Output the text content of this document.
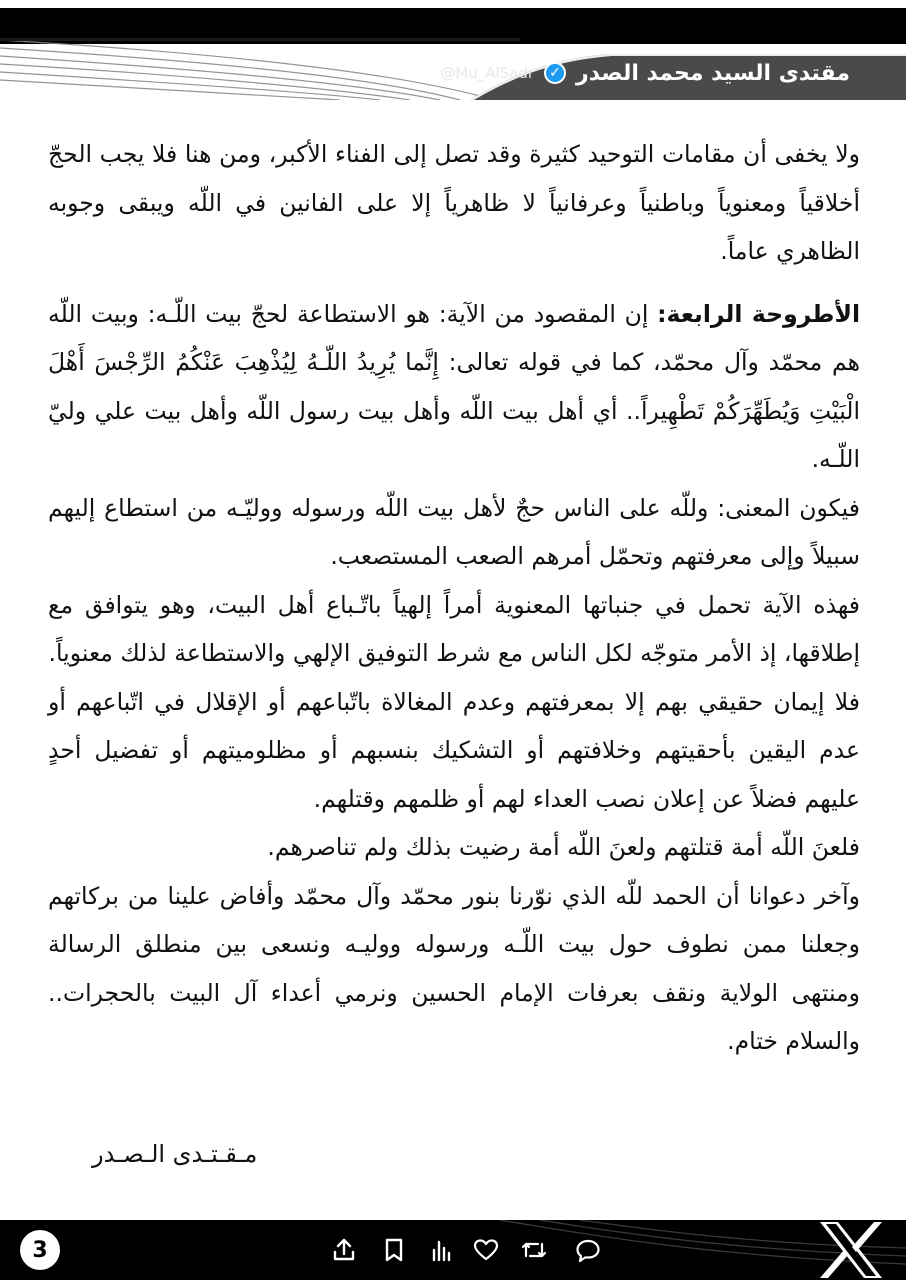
مقتدى السيد محمد الصدر
✓
@Mu_AlSadr

ولا يخفى أن مقامات التوحيد كثيرة وقد تصل إلى الفناء الأكبر، ومن هنا فلا يجب الحجّ أخلاقياً ومعنوياً وباطنياً وعرفانياً لا ظاهرياً إلا على الفانين في اللّه ويبقى وجوبه الظاهري عاماً.

الأطروحة الرابعة: إن المقصود من الآية: هو الاستطاعة لحجّ بيت اللّـه: وبيت اللّه هم محمّد وآل محمّد، كما في قوله تعالى: إِنَّما يُرِيدُ اللّـهُ لِيُذْهِبَ عَنْكُمُ الرِّجْسَ أَهْلَ الْبَيْتِ وَيُطَهِّرَكُمْ تَطْهِيراً.. أي أهل بيت اللّه وأهل بيت رسول اللّه وأهل بيت علي وليّ اللّـه.

فيكون المعنى: وللّه على الناس حجٌ لأهل بيت اللّه ورسوله ووليّـه من استطاع إليهم سبيلاً وإلى معرفتهم وتحمّل أمرهم الصعب المستصعب.

فهذه الآية تحمل في جنباتها المعنوية أمراً إلهياً باتّـباع أهل البيت، وهو يتوافق مع إطلاقها، إذ الأمر متوجّه لكل الناس مع شرط التوفيق الإلهي والاستطاعة لذلك معنوياً.

فلا إيمان حقيقي بهم إلا بمعرفتهم وعدم المغالاة باتّباعهم أو الإقلال في اتّباعهم أو عدم اليقين بأحقيتهم وخلافتهم أو التشكيك بنسبهم أو مظلوميتهم أو تفضيل أحدٍ عليهم فضلاً عن إعلان نصب العداء لهم أو ظلمهم وقتلهم.

فلعنَ اللّه أمة قتلتهم ولعنَ اللّه أمة رضيت بذلك ولم تناصرهم.

وآخر دعوانا أن الحمد للّه الذي نوّرنا بنور محمّد وآل محمّد وأفاض علينا من بركاتهم وجعلنا ممن نطوف حول بيت اللّـه ورسوله ووليـه ونسعى بين منطلق الرسالة ومنتهى الولاية ونقف بعرفات الإمام الحسين ونرمي أعداء آل البيت بالحجرات.. والسلام ختام.

مـقـتـدى الـصـدر
3
